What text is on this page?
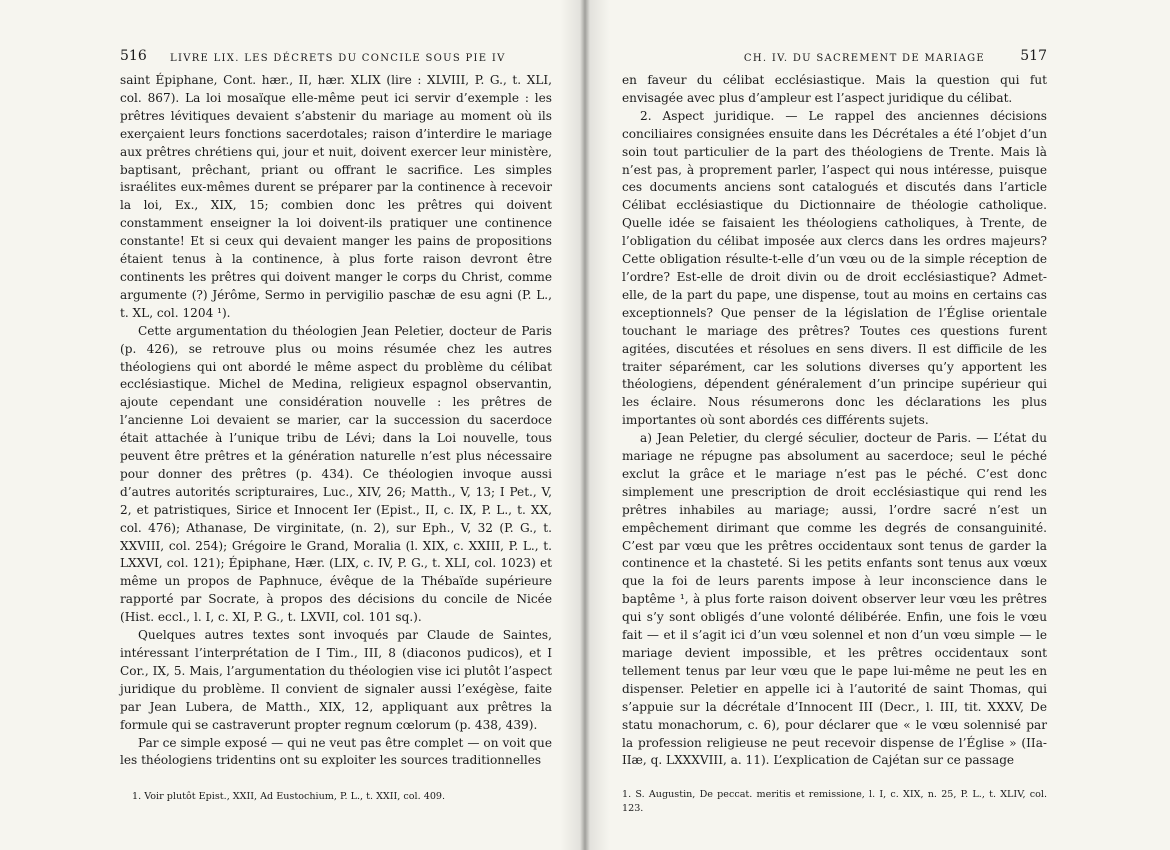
516 LIVRE LIX. LES DÉCRETS DU CONCILE SOUS PIE IV

saint Épiphane, Cont. hær., II, hær. XLIX (lire : XLVIII, P. G., t. XLI, col. 867). La loi mosaïque elle-même peut ici servir d’exemple : les prêtres lévitiques devaient s’abstenir du mariage au moment où ils exerçaient leurs fonctions sacerdotales; raison d’interdire le mariage aux prêtres chrétiens qui, jour et nuit, doivent exercer leur ministère, baptisant, prêchant, priant ou offrant le sacrifice. Les simples israélites eux-mêmes durent se préparer par la continence à recevoir la loi, Ex., XIX, 15; combien donc les prêtres qui doivent constamment enseigner la loi doivent-ils pratiquer une continence constante! Et si ceux qui devaient manger les pains de propositions étaient tenus à la continence, à plus forte raison devront être continents les prêtres qui doivent manger le corps du Christ, comme argumente (?) Jérôme, Sermo in pervigilio paschæ de esu agni (P. L., t. XL, col. 1204 ¹).

Cette argumentation du théologien Jean Peletier, docteur de Paris (p. 426), se retrouve plus ou moins résumée chez les autres théologiens qui ont abordé le même aspect du problème du célibat ecclésiastique. Michel de Medina, religieux espagnol observantin, ajoute cependant une considération nouvelle : les prêtres de l’ancienne Loi devaient se marier, car la succession du sacerdoce était attachée à l’unique tribu de Lévi; dans la Loi nouvelle, tous peuvent être prêtres et la génération naturelle n’est plus nécessaire pour donner des prêtres (p. 434). Ce théologien invoque aussi d’autres autorités scripturaires, Luc., XIV, 26; Matth., V, 13; I Pet., V, 2, et patristiques, Sirice et Innocent Ier (Epist., II, c. IX, P. L., t. XX, col. 476); Athanase, De virginitate, (n. 2), sur Eph., V, 32 (P. G., t. XXVIII, col. 254); Grégoire le Grand, Moralia (l. XIX, c. XXIII, P. L., t. LXXVI, col. 121); Épiphane, Hær. (LIX, c. IV, P. G., t. XLI, col. 1023) et même un propos de Paphnuce, évêque de la Thébaïde supérieure rapporté par Socrate, à propos des décisions du concile de Nicée (Hist. eccl., l. I, c. XI, P. G., t. LXVII, col. 101 sq.).

Quelques autres textes sont invoqués par Claude de Saintes, intéressant l’interprétation de I Tim., III, 8 (diaconos pudicos), et I Cor., IX, 5. Mais, l’argumentation du théologien vise ici plutôt l’aspect juridique du problème. Il convient de signaler aussi l’exégèse, faite par Jean Lubera, de Matth., XIX, 12, appliquant aux prêtres la formule qui se castraverunt propter regnum cœlorum (p. 438, 439).

Par ce simple exposé — qui ne veut pas être complet — on voit que les théologiens tridentins ont su exploiter les sources traditionnelles

1. Voir plutôt Epist., XXII, Ad Eustochium, P. L., t. XXII, col. 409.
CH. IV. DU SACREMENT DE MARIAGE	517

en faveur du célibat ecclésiastique. Mais la question qui fut envisagée avec plus d’ampleur est l’aspect juridique du célibat.

2. Aspect juridique. — Le rappel des anciennes décisions conciliaires consignées ensuite dans les Décrétales a été l’objet d’un soin tout particulier de la part des théologiens de Trente. Mais là n’est pas, à proprement parler, l’aspect qui nous intéresse, puisque ces documents anciens sont catalogués et discutés dans l’article Célibat ecclésiastique du Dictionnaire de théologie catholique. Quelle idée se faisaient les théologiens catholiques, à Trente, de l’obligation du célibat imposée aux clercs dans les ordres majeurs? Cette obligation résulte-t-elle d’un vœu ou de la simple réception de l’ordre? Est-elle de droit divin ou de droit ecclésiastique? Admet-elle, de la part du pape, une dispense, tout au moins en certains cas exceptionnels? Que penser de la législation de l’Église orientale touchant le mariage des prêtres? Toutes ces questions furent agitées, discutées et résolues en sens divers. Il est difficile de les traiter séparément, car les solutions diverses qu’y apportent les théologiens, dépendent généralement d’un principe supérieur qui les éclaire. Nous résumerons donc les déclarations les plus importantes où sont abordés ces différents sujets.

a) Jean Peletier, du clergé séculier, docteur de Paris. — L’état du mariage ne répugne pas absolument au sacerdoce; seul le péché exclut la grâce et le mariage n’est pas le péché. C’est donc simplement une prescription de droit ecclésiastique qui rend les prêtres inhabiles au mariage; aussi, l’ordre sacré n’est un empêchement dirimant que comme les degrés de consanguinité. C’est par vœu que les prêtres occidentaux sont tenus de garder la continence et la chasteté. Si les petits enfants sont tenus aux vœux que la foi de leurs parents impose à leur inconscience dans le baptême ¹, à plus forte raison doivent observer leur vœu les prêtres qui s’y sont obligés d’une volonté délibérée. Enfin, une fois le vœu fait — et il s’agit ici d’un vœu solennel et non d’un vœu simple — le mariage devient impossible, et les prêtres occidentaux sont tellement tenus par leur vœu que le pape lui-même ne peut les en dispenser. Peletier en appelle ici à l’autorité de saint Thomas, qui s’appuie sur la décrétale d’Innocent III (Decr., l. III, tit. XXXV, De statu monachorum, c. 6), pour déclarer que « le vœu solennisé par la profession religieuse ne peut recevoir dispense de l’Église » (IIa-IIæ, q. LXXXVIII, a. 11). L’explication de Cajétan sur ce passage

1. S. Augustin, De peccat. meritis et remissione, l. I, c. XIX, n. 25, P. L., t. XLIV, col. 123.
